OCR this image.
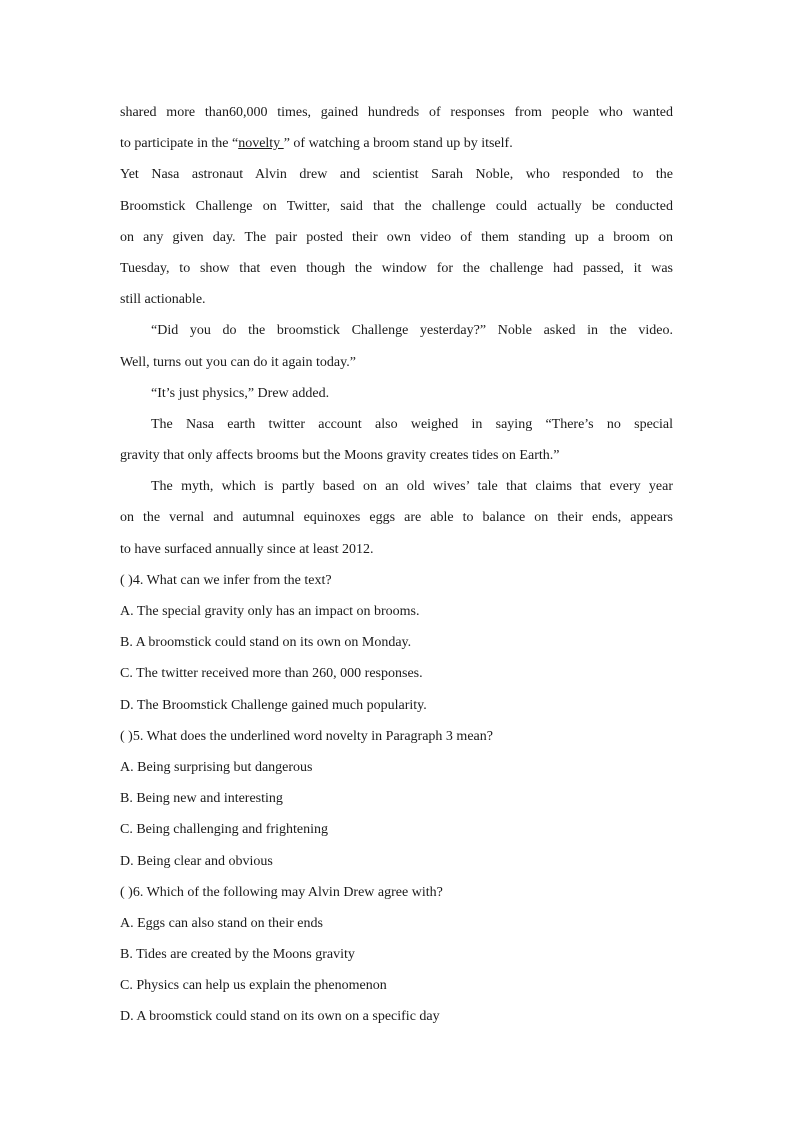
shared more than60,000 times, gained hundreds of responses from people who wanted
to participate in the “novelty ” of watching a broom stand up by itself.
Yet Nasa astronaut Alvin drew and scientist Sarah Noble, who responded to the
Broomstick Challenge on Twitter, said that the challenge could actually be conducted
on any given day. The pair posted their own video of them standing up a broom on
Tuesday, to show that even though the window for the challenge had passed, it was
still actionable.
“Did you do the broomstick Challenge yesterday?” Noble asked in the video.
Well, turns out you can do it again today.”
“It’s just physics,” Drew added.
The Nasa earth twitter account also weighed in saying “There’s no special
gravity that only affects brooms but the Moons gravity creates tides on Earth.”
The myth, which is partly based on an old wives’ tale that claims that every year
on the vernal and autumnal equinoxes eggs are able to balance on their ends, appears
to have surfaced annually since at least 2012.
( )4. What can we infer from the text?
A. The special gravity only has an impact on brooms.
B. A broomstick could stand on its own on Monday.
C. The twitter received more than 260, 000 responses.
D. The Broomstick Challenge gained much popularity.
( )5. What does the underlined word novelty in Paragraph 3 mean?
A. Being surprising but dangerous
B. Being new and interesting
C. Being challenging and frightening
D. Being clear and obvious
( )6. Which of the following may Alvin Drew agree with?
A. Eggs can also stand on their ends
B. Tides are created by the Moons gravity
C. Physics can help us explain the phenomenon
D. A broomstick could stand on its own on a specific day
